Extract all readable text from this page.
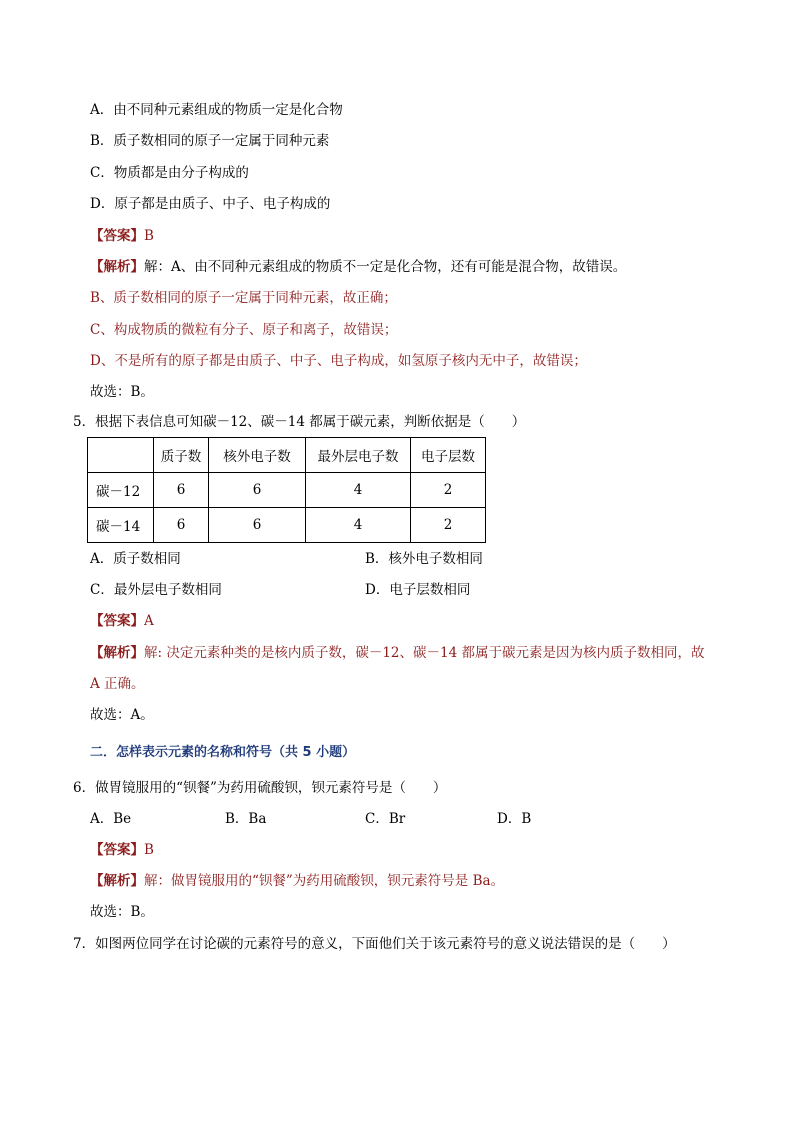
A．由不同种元素组成的物质一定是化合物
B．质子数相同的原子一定属于同种元素
C．物质都是由分子构成的
D．原子都是由质子、中子、电子构成的
【答案】B
【解析】解：A、由不同种元素组成的物质不一定是化合物，还有可能是混合物，故错误。
B、质子数相同的原子一定属于同种元素，故正确；
C、构成物质的微粒有分子、原子和离子，故错误；
D、不是所有的原子都是由质子、中子、电子构成，如氢原子核内无中子，故错误；
故选：B。
5．根据下表信息可知碳－12、碳－14 都属于碳元素，判断依据是（　　）
	质子数	核外电子数	最外层电子数	电子层数
碳－12	6	6	4	2
碳－14	6	6	4	2
A．质子数相同	B．核外电子数相同
C．最外层电子数相同	D．电子层数相同
【答案】A
【解析】解: 决定元素种类的是核内质子数，碳－12、碳－14 都属于碳元素是因为核内质子数相同，故
A 正确。
故选：A。
二．怎样表示元素的名称和符号（共 5 小题）
6．做胃镜服用的“钡餐”为药用硫酸钡，钡元素符号是（　　）
A．Be	B．Ba	C．Br	D．B
【答案】B
【解析】解：做胃镜服用的“钡餐”为药用硫酸钡，钡元素符号是 Ba。
故选：B。
7．如图两位同学在讨论碳的元素符号的意义，下面他们关于该元素符号的意义说法错误的是（　　）
